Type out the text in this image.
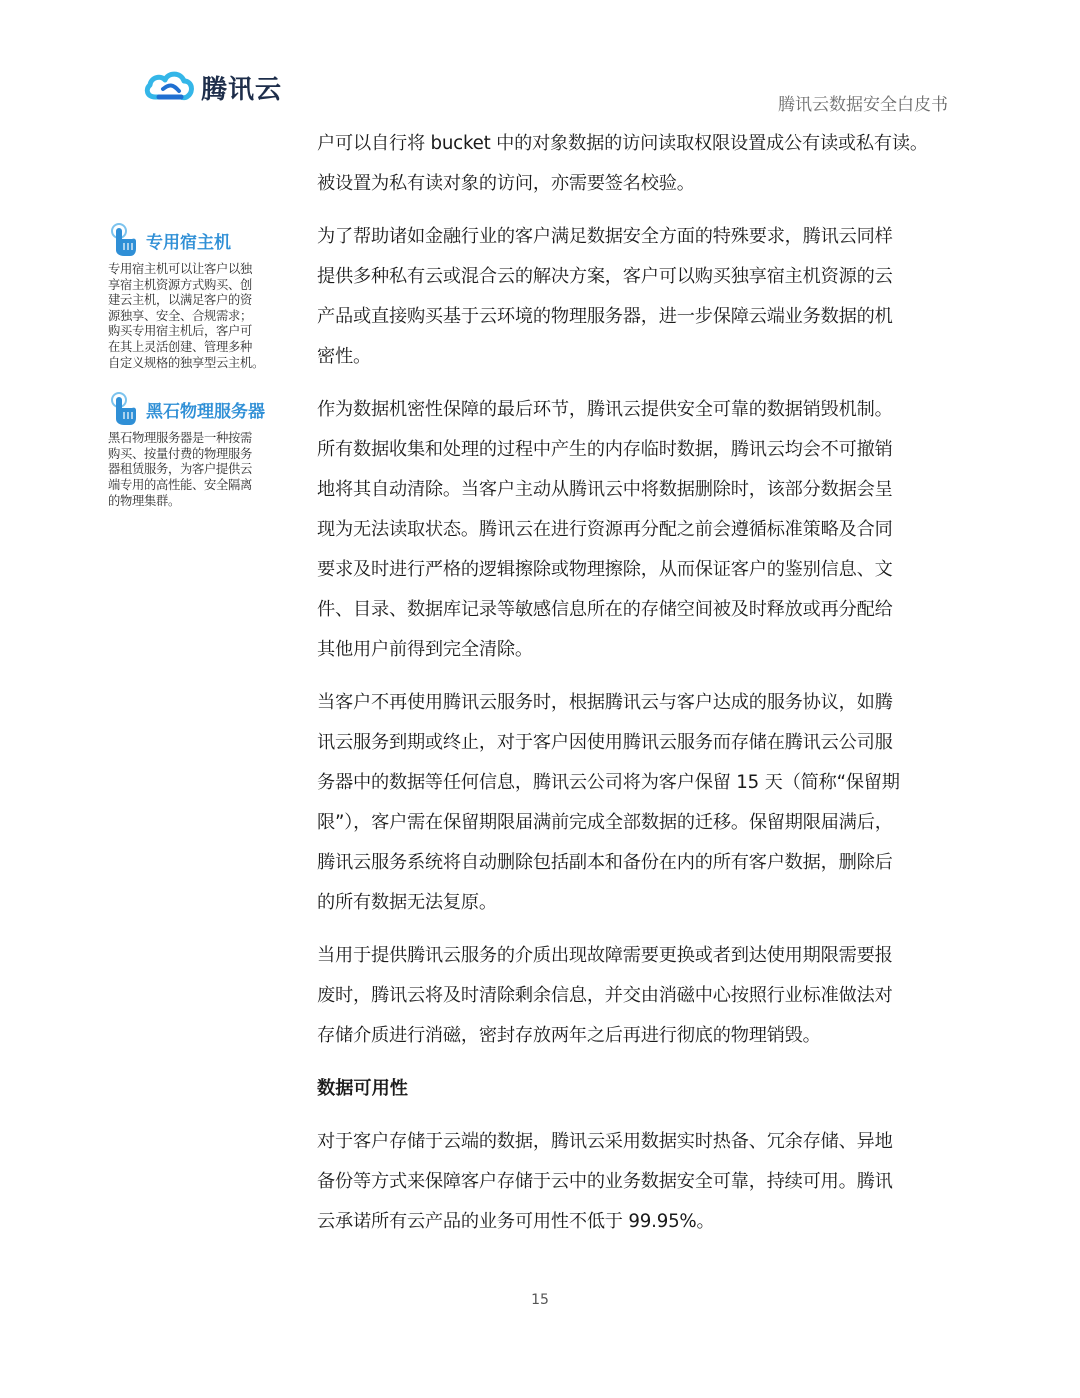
腾讯云
腾讯云数据安全白皮书
专用宿主机
专用宿主机可以让客户以独
享宿主机资源方式购买、创
建云主机，以满足客户的资
源独享、安全、合规需求；
购买专用宿主机后，客户可
在其上灵活创建、管理多种
自定义规格的独享型云主机。
黑石物理服务器
黑石物理服务器是一种按需
购买、按量付费的物理服务
器租赁服务，为客户提供云
端专用的高性能、安全隔离
的物理集群。

户可以自行将 bucket 中的对象数据的访问读取权限设置成公有读或私有读。
被设置为私有读对象的访问，亦需要签名校验。

为了帮助诸如金融行业的客户满足数据安全方面的特殊要求，腾讯云同样
提供多种私有云或混合云的解决方案，客户可以购买独享宿主机资源的云
产品或直接购买基于云环境的物理服务器，进一步保障云端业务数据的机
密性。

作为数据机密性保障的最后环节，腾讯云提供安全可靠的数据销毁机制。
所有数据收集和处理的过程中产生的内存临时数据，腾讯云均会不可撤销
地将其自动清除。当客户主动从腾讯云中将数据删除时，该部分数据会呈
现为无法读取状态。腾讯云在进行资源再分配之前会遵循标准策略及合同
要求及时进行严格的逻辑擦除或物理擦除，从而保证客户的鉴别信息、文
件、目录、数据库记录等敏感信息所在的存储空间被及时释放或再分配给
其他用户前得到完全清除。

当客户不再使用腾讯云服务时，根据腾讯云与客户达成的服务协议，如腾
讯云服务到期或终止，对于客户因使用腾讯云服务而存储在腾讯云公司服
务器中的数据等任何信息，腾讯云公司将为客户保留 15 天（简称“保留期
限”），客户需在保留期限届满前完成全部数据的迁移。保留期限届满后，
腾讯云服务系统将自动删除包括副本和备份在内的所有客户数据，删除后
的所有数据无法复原。

当用于提供腾讯云服务的介质出现故障需要更换或者到达使用期限需要报
废时，腾讯云将及时清除剩余信息，并交由消磁中心按照行业标准做法对
存储介质进行消磁，密封存放两年之后再进行彻底的物理销毁。

数据可用性

对于客户存储于云端的数据，腾讯云采用数据实时热备、冗余存储、异地
备份等方式来保障客户存储于云中的业务数据安全可靠，持续可用。腾讯
云承诺所有云产品的业务可用性不低于 99.95%。

15
